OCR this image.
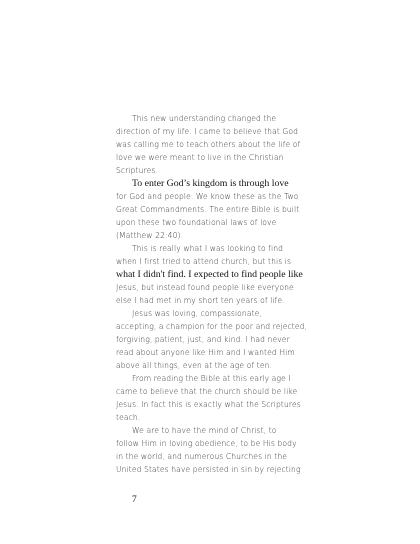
This new understanding changed the
direction of my life. I came to believe that God
was calling me to teach others about the life of
love we were meant to live in the Christian
Scriptures.
To enter God’s kingdom is through love
for God and people. We know these as the Two
Great Commandments. The entire Bible is built
upon these two foundational laws of love
(Matthew 22:40).
This is really what I was looking to find
when I first tried to attend church, but this is
what I didn't find. I expected to find people like
Jesus, but instead found people like everyone
else I had met in my short ten years of life.
Jesus was loving, compassionate,
accepting, a champion for the poor and rejected,
forgiving, patient, just, and kind. I had never
read about anyone like Him and I wanted Him
above all things, even at the age of ten.
From reading the Bible at this early age I
came to believe that the church should be like
Jesus. In fact this is exactly what the Scriptures
teach.
We are to have the mind of Christ, to
follow Him in loving obedience, to be His body
in the world, and numerous Churches in the
United States have persisted in sin by rejecting
7
